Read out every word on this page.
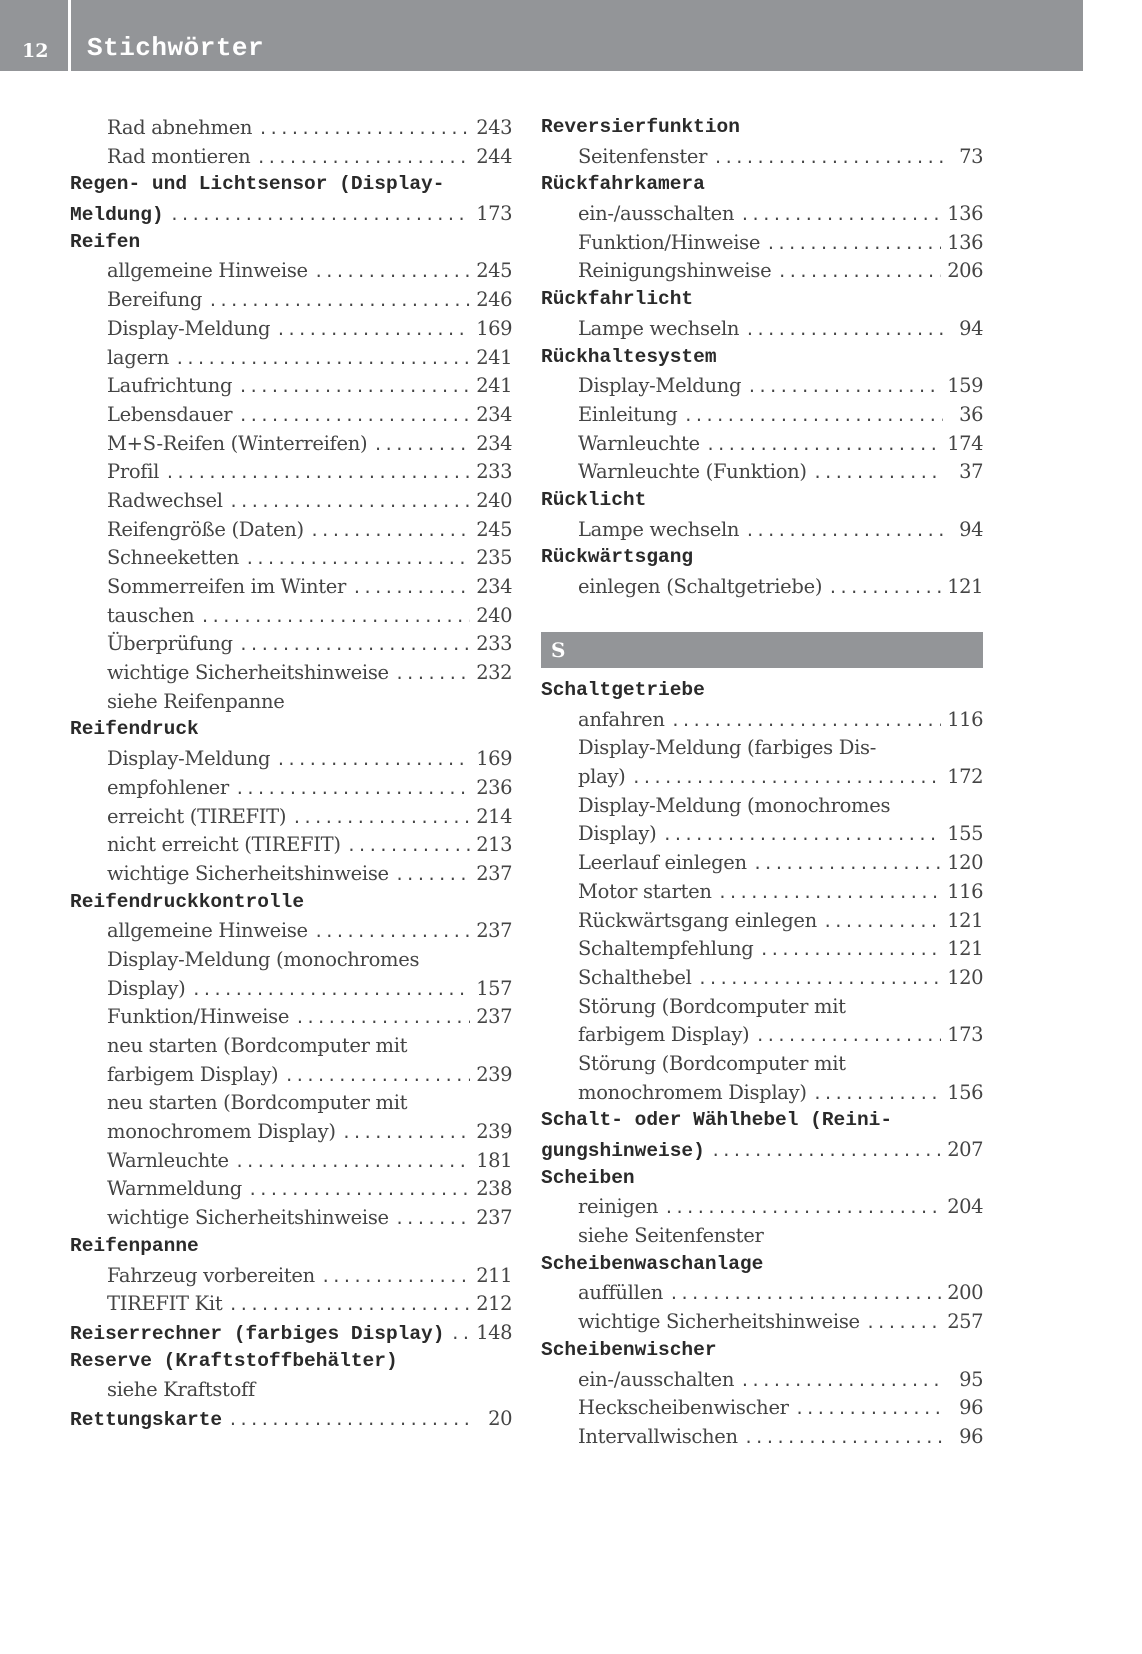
12 Stichwörter
Rad abnehmen .....	243
Rad montieren .....	244
Regen- und Lichtsensor (Display-
Meldung) .....	173
Reifen
allgemeine Hinweise .....	245
Bereifung .....	246
Display-Meldung .....	169
lagern .....	241
Laufrichtung .....	241
Lebensdauer .....	234
M+S-Reifen (Winterreifen) .....	234
Profil .....	233
Radwechsel .....	240
Reifengröße (Daten) .....	245
Schneeketten .....	235
Sommerreifen im Winter .....	234
tauschen .....	240
Überprüfung .....	233
wichtige Sicherheitshinweise .....	232
siehe Reifenpanne
Reifendruck
Display-Meldung .....	169
empfohlener .....	236
erreicht (TIREFIT) .....	214
nicht erreicht (TIREFIT) .....	213
wichtige Sicherheitshinweise .....	237
Reifendruckkontrolle
allgemeine Hinweise .....	237
Display-Meldung (monochromes
Display) .....	157
Funktion/Hinweise .....	237
neu starten (Bordcomputer mit
farbigem Display) .....	239
neu starten (Bordcomputer mit
monochromem Display) .....	239
Warnleuchte .....	181
Warnmeldung .....	238
wichtige Sicherheitshinweise .....	237
Reifenpanne
Fahrzeug vorbereiten .....	211
TIREFIT Kit .....	212
Reiserrechner (farbiges Display) ..... 148
Reserve (Kraftstoffbehälter)
siehe Kraftstoff
Rettungskarte .....	20
Reversierfunktion
Seitenfenster .....	73
Rückfahrkamera
ein-/ausschalten .....	136
Funktion/Hinweise .....	136
Reinigungshinweise .....	206
Rückfahrlicht
Lampe wechseln .....	94
Rückhaltesystem
Display-Meldung .....	159
Einleitung .....	36
Warnleuchte .....	174
Warnleuchte (Funktion) .....	37
Rücklicht
Lampe wechseln .....	94
Rückwärtsgang
einlegen (Schaltgetriebe) .....	121
S
Schaltgetriebe
anfahren .....	116
Display-Meldung (farbiges Dis-
play) .....	172
Display-Meldung (monochromes
Display) .....	155
Leerlauf einlegen .....	120
Motor starten .....	116
Rückwärtsgang einlegen .....	121
Schaltempfehlung .....	121
Schalthebel .....	120
Störung (Bordcomputer mit
farbigem Display) .....	173
Störung (Bordcomputer mit
monochromem Display) .....	156
Schalt- oder Wählhebel (Reini-
gungshinweise) .....	207
Scheiben
reinigen .....	204
siehe Seitenfenster
Scheibenwaschanlage
auffüllen .....	200
wichtige Sicherheitshinweise .....	257
Scheibenwischer
ein-/ausschalten .....	95
Heckscheibenwischer .....	96
Intervallwischen .....	96
